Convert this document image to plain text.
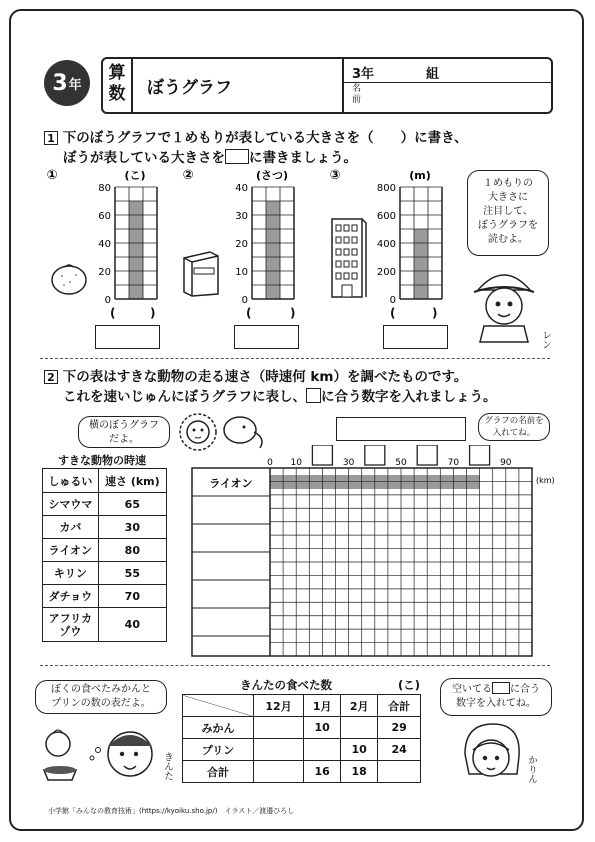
3 年
算
数	ぼうグラフ
3年	組
名
前
1 下のぼうグラフで１めもりが表している大きさを（　　）に書き、
ぼうが表している大きさを に書きましょう。
①	(こ)
80
60
40
20
0
②	(さつ)
40
30
20
10
0
③	(m)
800
600
400
200
0
(	)	(	)	(	)
１めもりの
大きさに
注目して、
ぼうグラフを
読むよ。
レン
2 下の表はすきな動物の走る速さ（時速何 km）を調べたものです。
これを速いじゅんにぼうグラフに表し、 に合う数字を入れましょう。
横のぼうグラフ
だよ。
グラフの名前を
入れてね。
すきな動物の時速
しゅるい	速さ (km)
シマウマ	65
カバ	30
ライオン	80
キリン	55
ダチョウ	70
アフリカ
ゾウ	40
0 10	30	50	70	90
(km)
ライオン
ぼくの食べたみかんと
プリンの数の表だよ。
きんた
きんたの食べた数	(こ)
	12月	1月	2月	合計
みかん		10		29
プリン			10	24
合計		16	18	
空いてる に合う
数字を入れてね。
かりん
小学館「みんなの教育技術」(https://kyoiku.sho.jp/)　イラスト／渡邉ひろし
